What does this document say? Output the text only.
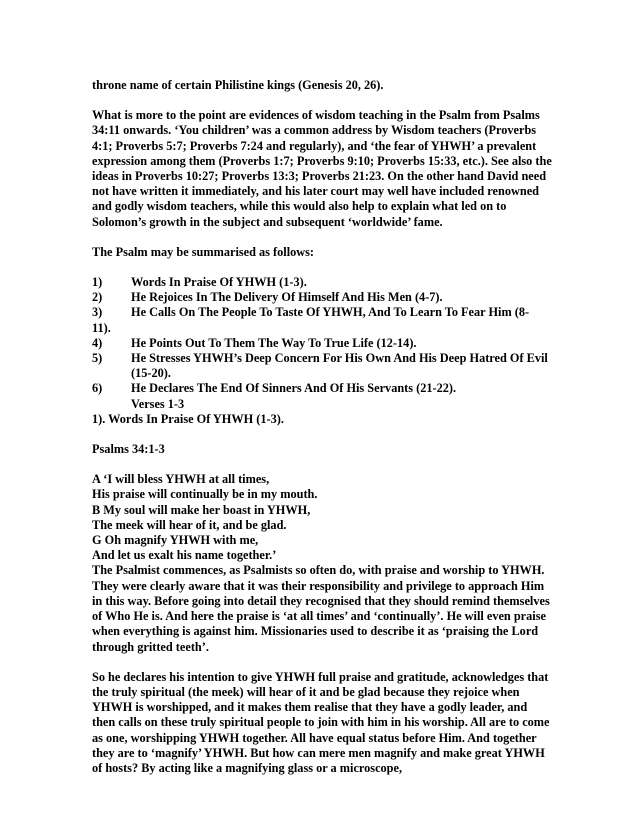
throne name of certain Philistine kings (Genesis 20, 26).

What is more to the point are evidences of wisdom teaching in the Psalm from Psalms 34:11 onwards. ‘You children’ was a common address by Wisdom teachers (Proverbs 4:1; Proverbs 5:7; Proverbs 7:24 and regularly), and ‘the fear of YHWH’ a prevalent expression among them (Proverbs 1:7; Proverbs 9:10; Proverbs 15:33, etc.). See also the ideas in Proverbs 10:27; Proverbs 13:3; Proverbs 21:23. On the other hand David need not have written it immediately, and his later court may well have included renowned and godly wisdom teachers, while this would also help to explain what led on to Solomon’s growth in the subject and subsequent ‘worldwide’ fame.

The Psalm may be summarised as follows:

1)	Words In Praise Of YHWH (1-3).
2)	He Rejoices In The Delivery Of Himself And His Men (4-7).
3)	He Calls On The People To Taste Of YHWH, And To Learn To Fear Him (8-
11).
4)	He Points Out To Them The Way To True Life (12-14).
5)	He Stresses YHWH’s Deep Concern For His Own And His Deep Hatred Of Evil (15-20).
6)	He Declares The End Of Sinners And Of His Servants (21-22).
Verses 1-3

1). Words In Praise Of YHWH (1-3).

Psalms 34:1-3

A ‘I will bless YHWH at all times,
His praise will continually be in my mouth.
B My soul will make her boast in YHWH,
The meek will hear of it, and be glad.
G Oh magnify YHWH with me,
And let us exalt his name together.’

The Psalmist commences, as Psalmists so often do, with praise and worship to YHWH. They were clearly aware that it was their responsibility and privilege to approach Him in this way. Before going into detail they recognised that they should remind themselves of Who He is. And here the praise is ‘at all times’ and ‘continually’. He will even praise when everything is against him. Missionaries used to describe it as ‘praising the Lord through gritted teeth’.

So he declares his intention to give YHWH full praise and gratitude, acknowledges that the truly spiritual (the meek) will hear of it and be glad because they rejoice when YHWH is worshipped, and it makes them realise that they have a godly leader, and then calls on these truly spiritual people to join with him in his worship. All are to come as one, worshipping YHWH together. All have equal status before Him. And together they are to ‘magnify’ YHWH. But how can mere men magnify and make great YHWH of hosts? By acting like a magnifying glass or a microscope,
